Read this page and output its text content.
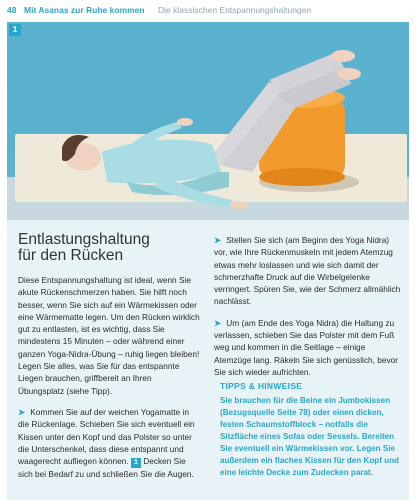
48 Mit Asanas zur Ruhe kommen Die klassischen Entspannungshaltungen
1
Entlastungshaltung
für den Rücken

Diese Entspannungshaltung ist ideal, wenn Sie akute Rückenschmerzen haben. Sie hilft noch besser, wenn Sie sich auf ein Wärmekissen oder eine Wärmematte legen. Um den Rücken wirklich gut zu entlasten, ist es wichtig, dass Sie mindestens 15 Minuten – oder während einer ganzen Yoga-Nidra-Übung – ruhig liegen bleiben! Legen Sie alles, was Sie für das entspannte Liegen brauchen, griffbereit an Ihren Übungsplatz (siehe Tipp).

➤ Kommen Sie auf der weichen Yogamatte in die Rückenlage. Schieben Sie sich eventuell ein Kissen unter den Kopf und das Polster so unter die Unterschenkel, dass diese entspannt und waagerecht aufliegen können. 1 Decken Sie sich bei Bedarf zu und schließen Sie die Augen.

➤ Stellen Sie sich (am Beginn des Yoga Nidra) vor, wie Ihre Rückenmuskeln mit jedem Atemzug etwas mehr loslassen und wie sich damit der schmerzhafte Druck auf die Wirbelgelenke verringert. Spüren Sie, wie der Schmerz allmählich nachlässt.

➤ Um (am Ende des Yoga Nidra) die Haltung zu verlassen, schieben Sie das Polster mit dem Fuß weg und kommen in die Seitlage – einige Atemzüge lang. Räkeln Sie sich genüsslich, bevor Sie sich wieder aufrichten.

TIPPS & HINWEISE
Sie brauchen für die Beine ein Jumbokissen (Bezugsquelle Seite 78) oder einen dicken, festen Schaumstoffblock – notfalls die Sitzfläche eines Sofas oder Sessels. Bereiten Sie eventuell ein Wärmekissen vor. Legen Sie außerdem ein flaches Kissen für den Kopf und eine leichte Decke zum Zudecken parat.
